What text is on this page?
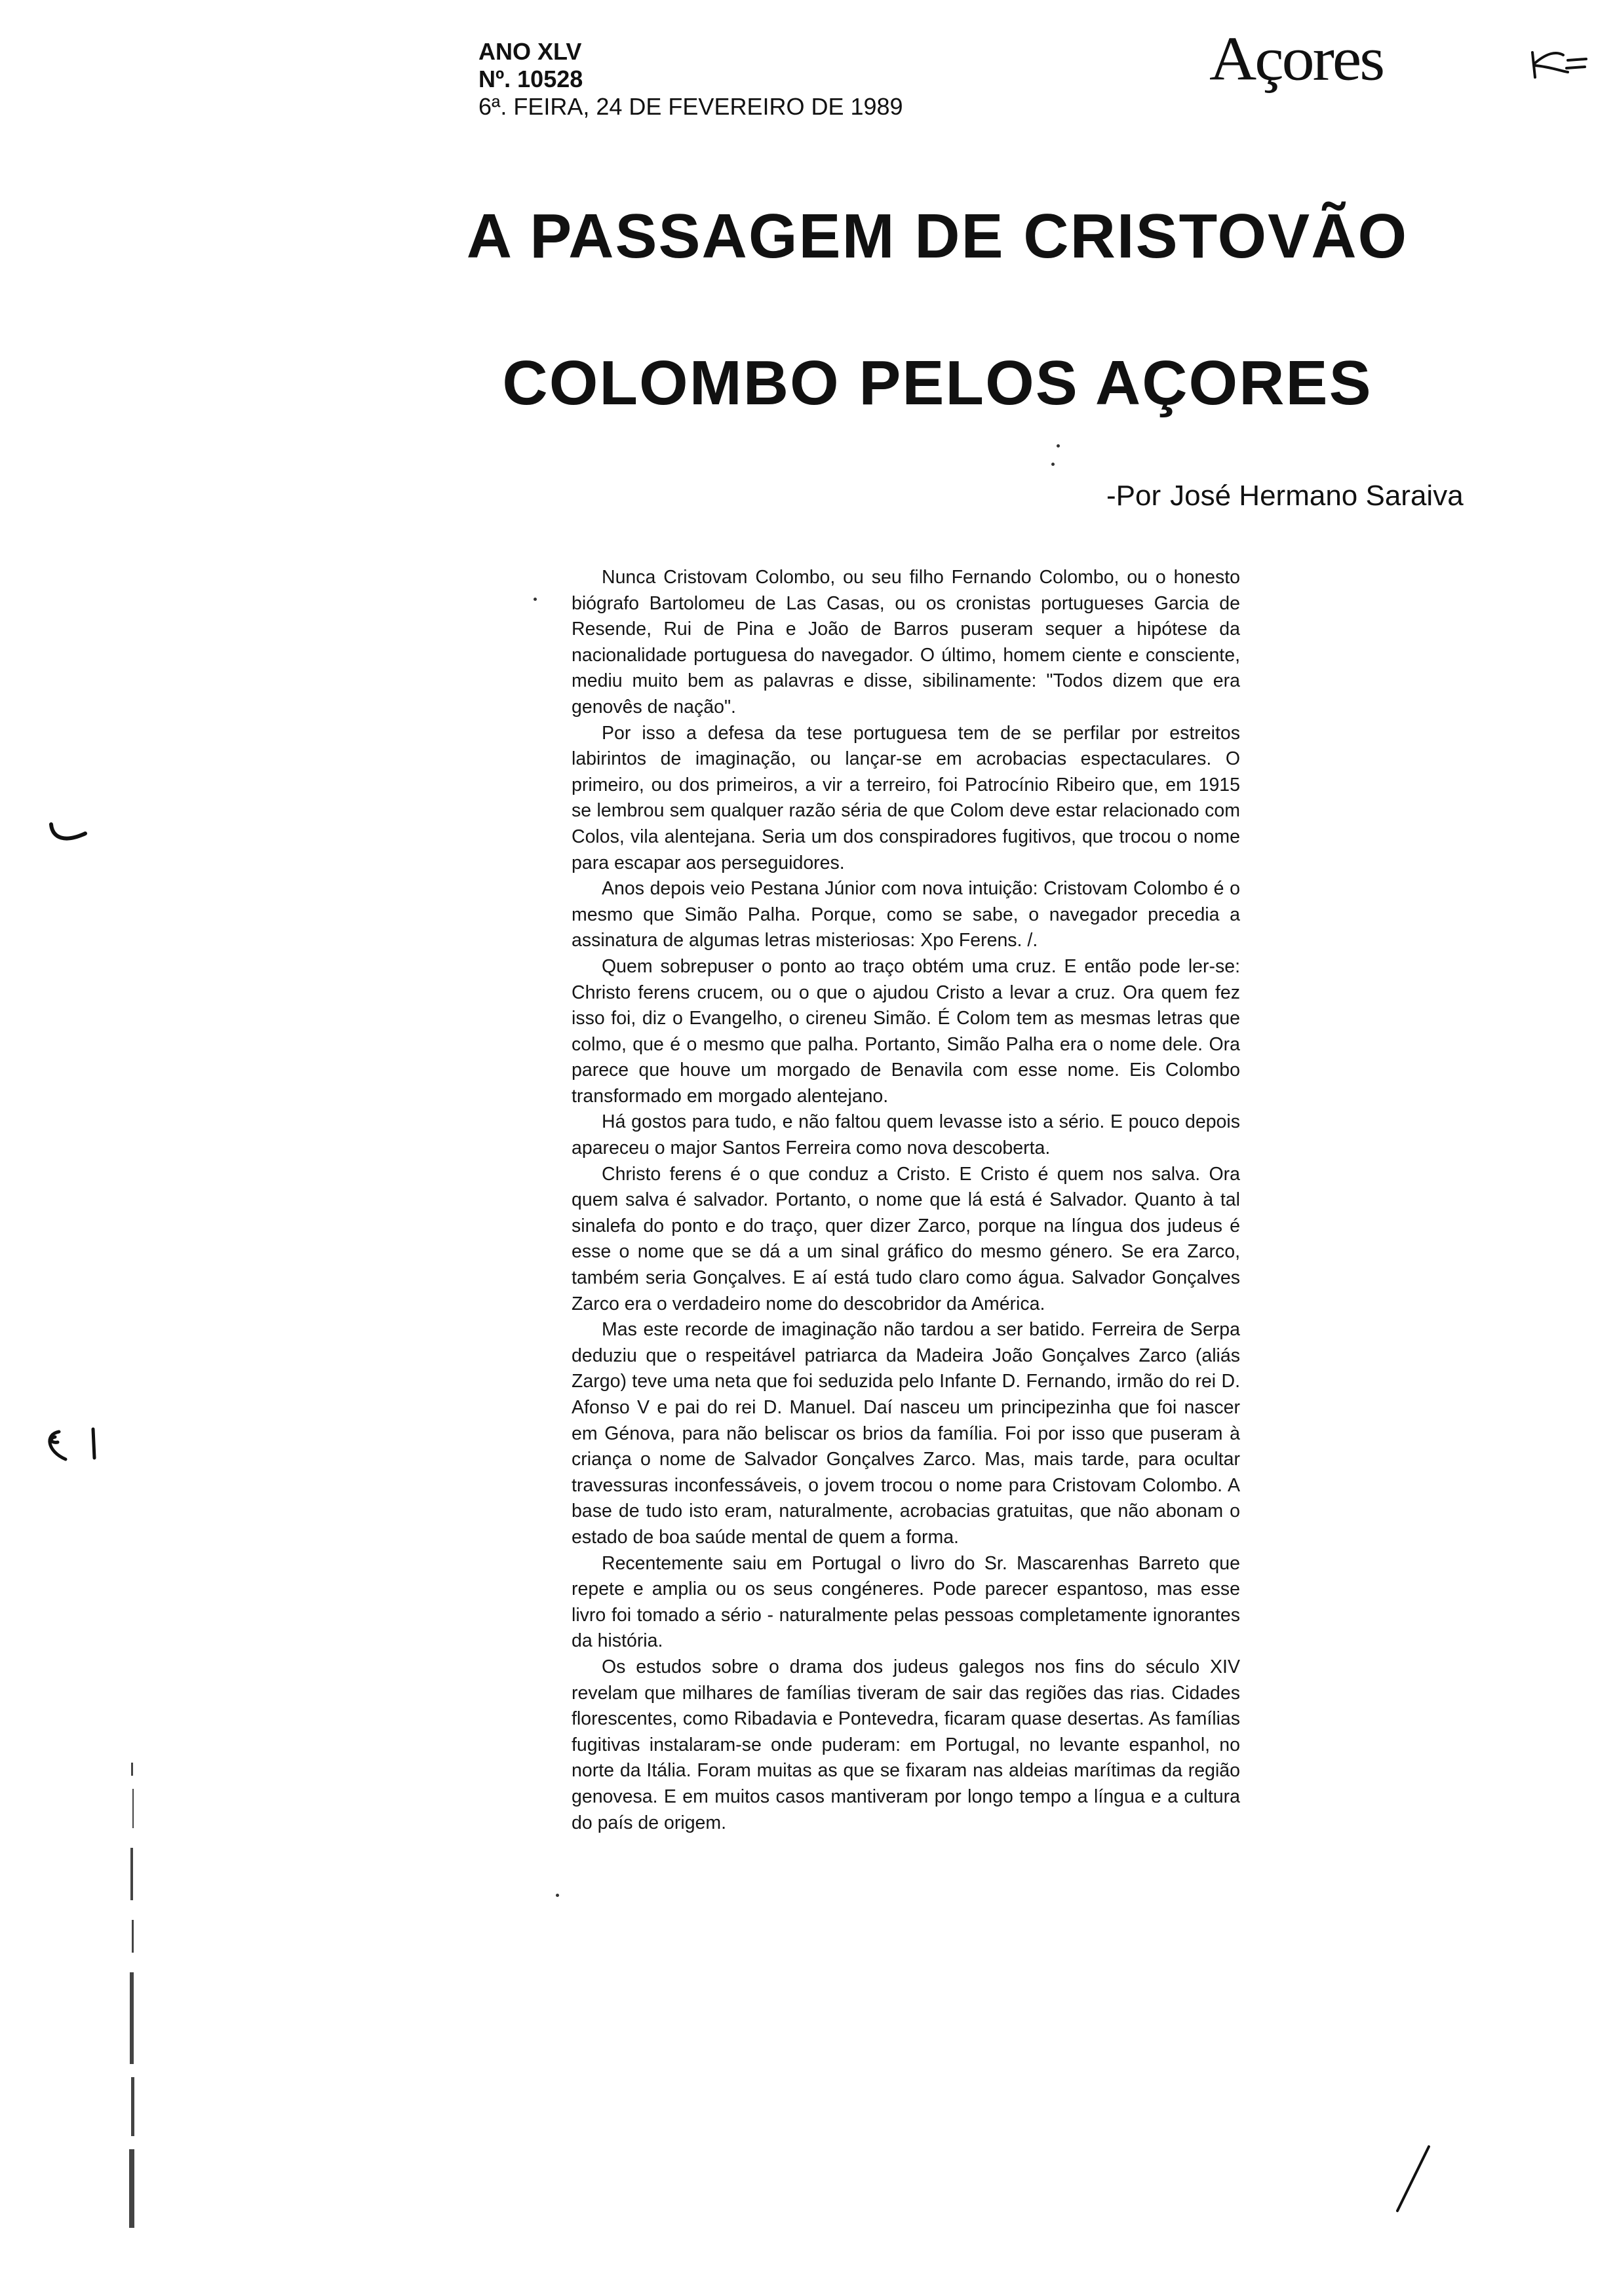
ANO XLV
Nº. 10528
6ª. FEIRA, 24 DE FEVEREIRO DE 1989
Açores
A PASSAGEM DE CRISTOVÃO
COLOMBO PELOS AÇORES
-Por José Hermano Saraiva

Nunca Cristovam Colombo, ou seu filho Fernando Colombo, ou o honesto biógrafo Bartolomeu de Las Casas, ou os cronistas portugueses Garcia de Resende, Rui de Pina e João de Barros puseram sequer a hipótese da nacionalidade portuguesa do navegador. O último, homem ciente e consciente, mediu muito bem as palavras e disse, sibilinamente: "Todos dizem que era genovês de nação".

Por isso a defesa da tese portuguesa tem de se perfilar por estreitos labirintos de imaginação, ou lançar-se em acrobacias espectaculares. O primeiro, ou dos primeiros, a vir a terreiro, foi Patrocínio Ribeiro que, em 1915 se lembrou sem qualquer razão séria de que Colom deve estar relacionado com Colos, vila alentejana. Seria um dos conspiradores fugitivos, que trocou o nome para escapar aos perseguidores.

Anos depois veio Pestana Júnior com nova intuição: Cristovam Colombo é o mesmo que Simão Palha. Porque, como se sabe, o navegador precedia a assinatura de algumas letras misteriosas: Xpo Ferens. /.

Quem sobrepuser o ponto ao traço obtém uma cruz. E então pode ler-se: Christo ferens crucem, ou o que o ajudou Cristo a levar a cruz. Ora quem fez isso foi, diz o Evangelho, o cireneu Simão. É Colom tem as mesmas letras que colmo, que é o mesmo que palha. Portanto, Simão Palha era o nome dele. Ora parece que houve um morgado de Benavila com esse nome. Eis Colombo transformado em morgado alentejano.

Há gostos para tudo, e não faltou quem levasse isto a sério. E pouco depois apareceu o major Santos Ferreira como nova descoberta.

Christo ferens é o que conduz a Cristo. E Cristo é quem nos salva. Ora quem salva é salvador. Portanto, o nome que lá está é Salvador. Quanto à tal sinalefa do ponto e do traço, quer dizer Zarco, porque na língua dos judeus é esse o nome que se dá a um sinal gráfico do mesmo género. Se era Zarco, também seria Gonçalves. E aí está tudo claro como água. Salvador Gonçalves Zarco era o verdadeiro nome do descobridor da América.

Mas este recorde de imaginação não tardou a ser batido. Ferreira de Serpa deduziu que o respeitável patriarca da Madeira João Gonçalves Zarco (aliás Zargo) teve uma neta que foi seduzida pelo Infante D. Fernando, irmão do rei D. Afonso V e pai do rei D. Manuel. Daí nasceu um principezinha que foi nascer em Génova, para não beliscar os brios da família. Foi por isso que puseram à criança o nome de Salvador Gonçalves Zarco. Mas, mais tarde, para ocultar travessuras inconfessáveis, o jovem trocou o nome para Cristovam Colombo. A base de tudo isto eram, naturalmente, acrobacias gratuitas, que não abonam o estado de boa saúde mental de quem a forma.

Recentemente saiu em Portugal o livro do Sr. Mascarenhas Barreto que repete e amplia ou os seus congéneres. Pode parecer espantoso, mas esse livro foi tomado a sério - naturalmente pelas pessoas completamente ignorantes da história.

Os estudos sobre o drama dos judeus galegos nos fins do século XIV revelam que milhares de famílias tiveram de sair das regiões das rias. Cidades florescentes, como Ribadavia e Pontevedra, ficaram quase desertas. As famílias fugitivas instalaram-se onde puderam: em Portugal, no levante espanhol, no norte da Itália. Foram muitas as que se fixaram nas aldeias marítimas da região genovesa. E em muitos casos mantiveram por longo tempo a língua e a cultura do país de origem.
